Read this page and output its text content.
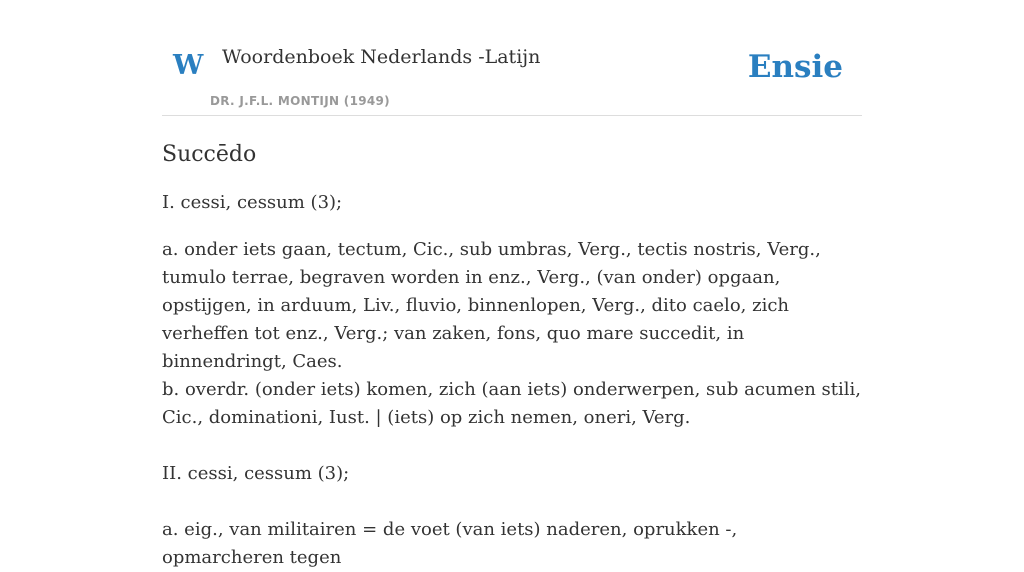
W Woordenboek Nederlands -Latijn
DR. J.F.L. MONTIJN (1949)
Ensie
Succēdo

I. cessi, cessum (3);

a. onder iets gaan, tectum, Cic., sub umbras, Verg., tectis nostris, Verg., tumulo terrae, begraven worden in enz., Verg., (van onder) opgaan, opstijgen, in arduum, Liv., fluvio, binnenlopen, Verg., dito caelo, zich verheffen tot enz., Verg.; van zaken, fons, quo mare succedit, in binnendringt, Caes.

b. overdr. (onder iets) komen, zich (aan iets) onderwerpen, sub acumen stili, Cic., dominationi, Iust. | (iets) op zich nemen, oneri, Verg.

II. cessi, cessum (3);

a. eig., van militairen = de voet (van iets) naderen, oprukken -, opmarcheren tegen
